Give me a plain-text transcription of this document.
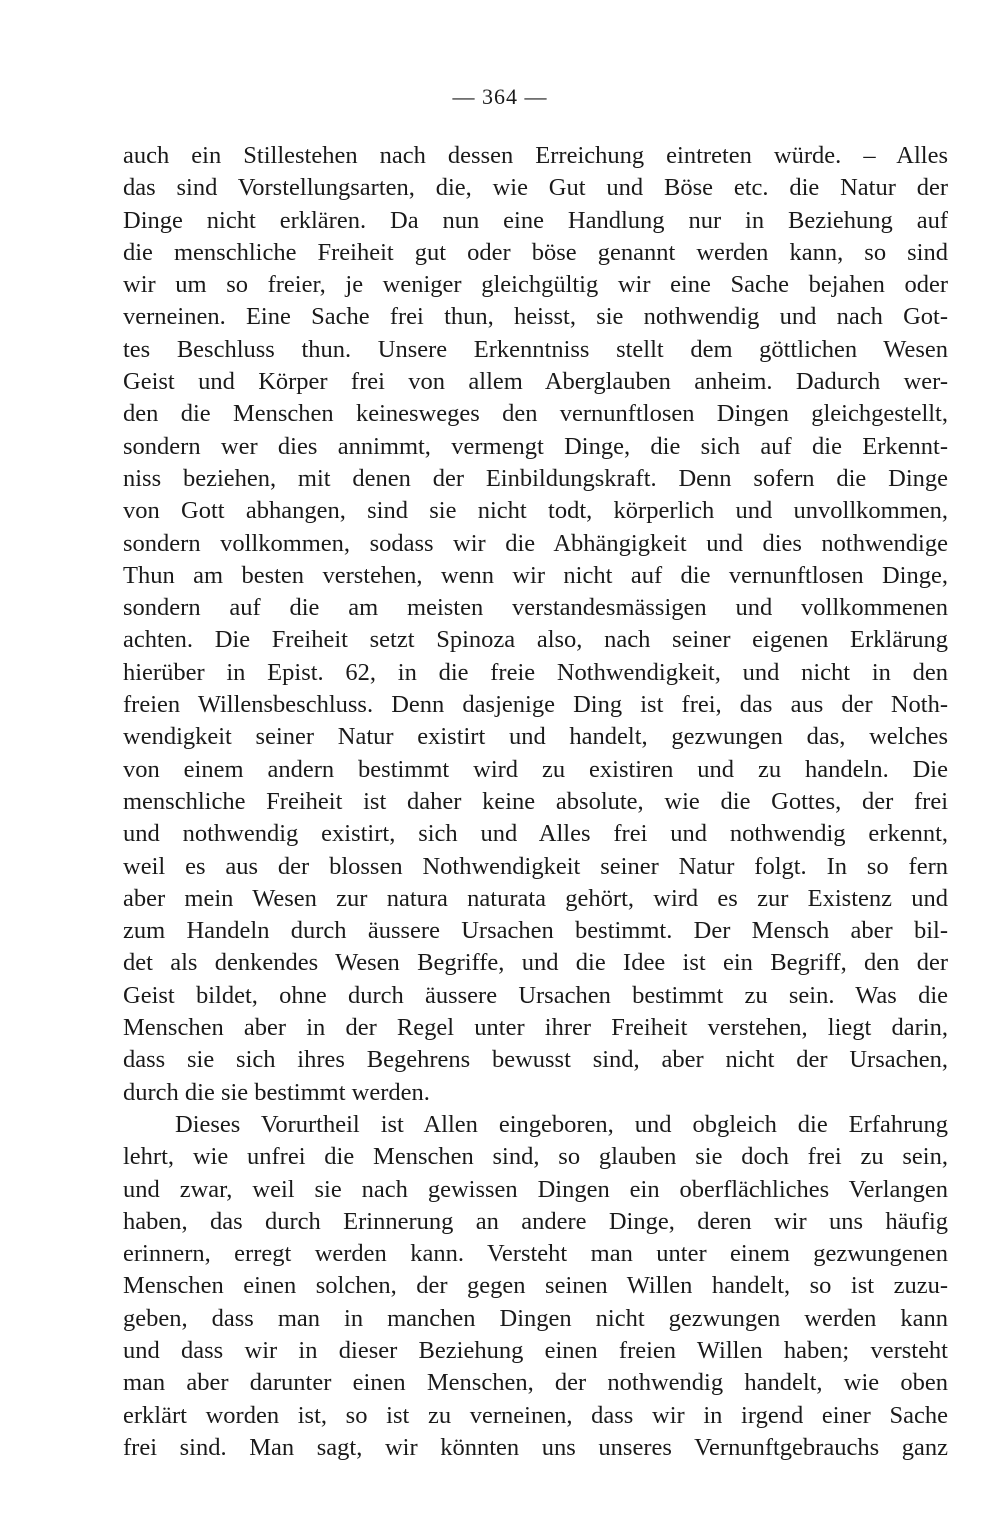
— 364 —
auch ein Stillestehen nach dessen Erreichung eintreten würde. – Alles
das sind Vorstellungsarten, die, wie Gut und Böse etc. die Natur der
Dinge nicht erklären. Da nun eine Handlung nur in Beziehung auf
die menschliche Freiheit gut oder böse genannt werden kann, so sind
wir um so freier, je weniger gleichgültig wir eine Sache bejahen oder
verneinen. Eine Sache frei thun, heisst, sie nothwendig und nach Got-
tes Beschluss thun. Unsere Erkenntniss stellt dem göttlichen Wesen
Geist und Körper frei von allem Aberglauben anheim. Dadurch wer-
den die Menschen keinesweges den vernunftlosen Dingen gleichgestellt,
sondern wer dies annimmt, vermengt Dinge, die sich auf die Erkennt-
niss beziehen, mit denen der Einbildungskraft. Denn sofern die Dinge
von Gott abhangen, sind sie nicht todt, körperlich und unvollkommen,
sondern vollkommen, sodass wir die Abhängigkeit und dies nothwendige
Thun am besten verstehen, wenn wir nicht auf die vernunftlosen Dinge,
sondern auf die am meisten verstandesmässigen und vollkommenen
achten. Die Freiheit setzt Spinoza also, nach seiner eigenen Erklärung
hierüber in Epist. 62, in die freie Nothwendigkeit, und nicht in den
freien Willensbeschluss. Denn dasjenige Ding ist frei, das aus der Noth-
wendigkeit seiner Natur existirt und handelt, gezwungen das, welches
von einem andern bestimmt wird zu existiren und zu handeln. Die
menschliche Freiheit ist daher keine absolute, wie die Gottes, der frei
und nothwendig existirt, sich und Alles frei und nothwendig erkennt,
weil es aus der blossen Nothwendigkeit seiner Natur folgt. In so fern
aber mein Wesen zur natura naturata gehört, wird es zur Existenz und
zum Handeln durch äussere Ursachen bestimmt. Der Mensch aber bil-
det als denkendes Wesen Begriffe, und die Idee ist ein Begriff, den der
Geist bildet, ohne durch äussere Ursachen bestimmt zu sein. Was die
Menschen aber in der Regel unter ihrer Freiheit verstehen, liegt darin,
dass sie sich ihres Begehrens bewusst sind, aber nicht der Ursachen,
durch die sie bestimmt werden.
Dieses Vorurtheil ist Allen eingeboren, und obgleich die Erfahrung
lehrt, wie unfrei die Menschen sind, so glauben sie doch frei zu sein,
und zwar, weil sie nach gewissen Dingen ein oberflächliches Verlangen
haben, das durch Erinnerung an andere Dinge, deren wir uns häufig
erinnern, erregt werden kann. Versteht man unter einem gezwungenen
Menschen einen solchen, der gegen seinen Willen handelt, so ist zuzu-
geben, dass man in manchen Dingen nicht gezwungen werden kann
und dass wir in dieser Beziehung einen freien Willen haben; versteht
man aber darunter einen Menschen, der nothwendig handelt, wie oben
erklärt worden ist, so ist zu verneinen, dass wir in irgend einer Sache
frei sind. Man sagt, wir könnten uns unseres Vernunftgebrauchs ganz
